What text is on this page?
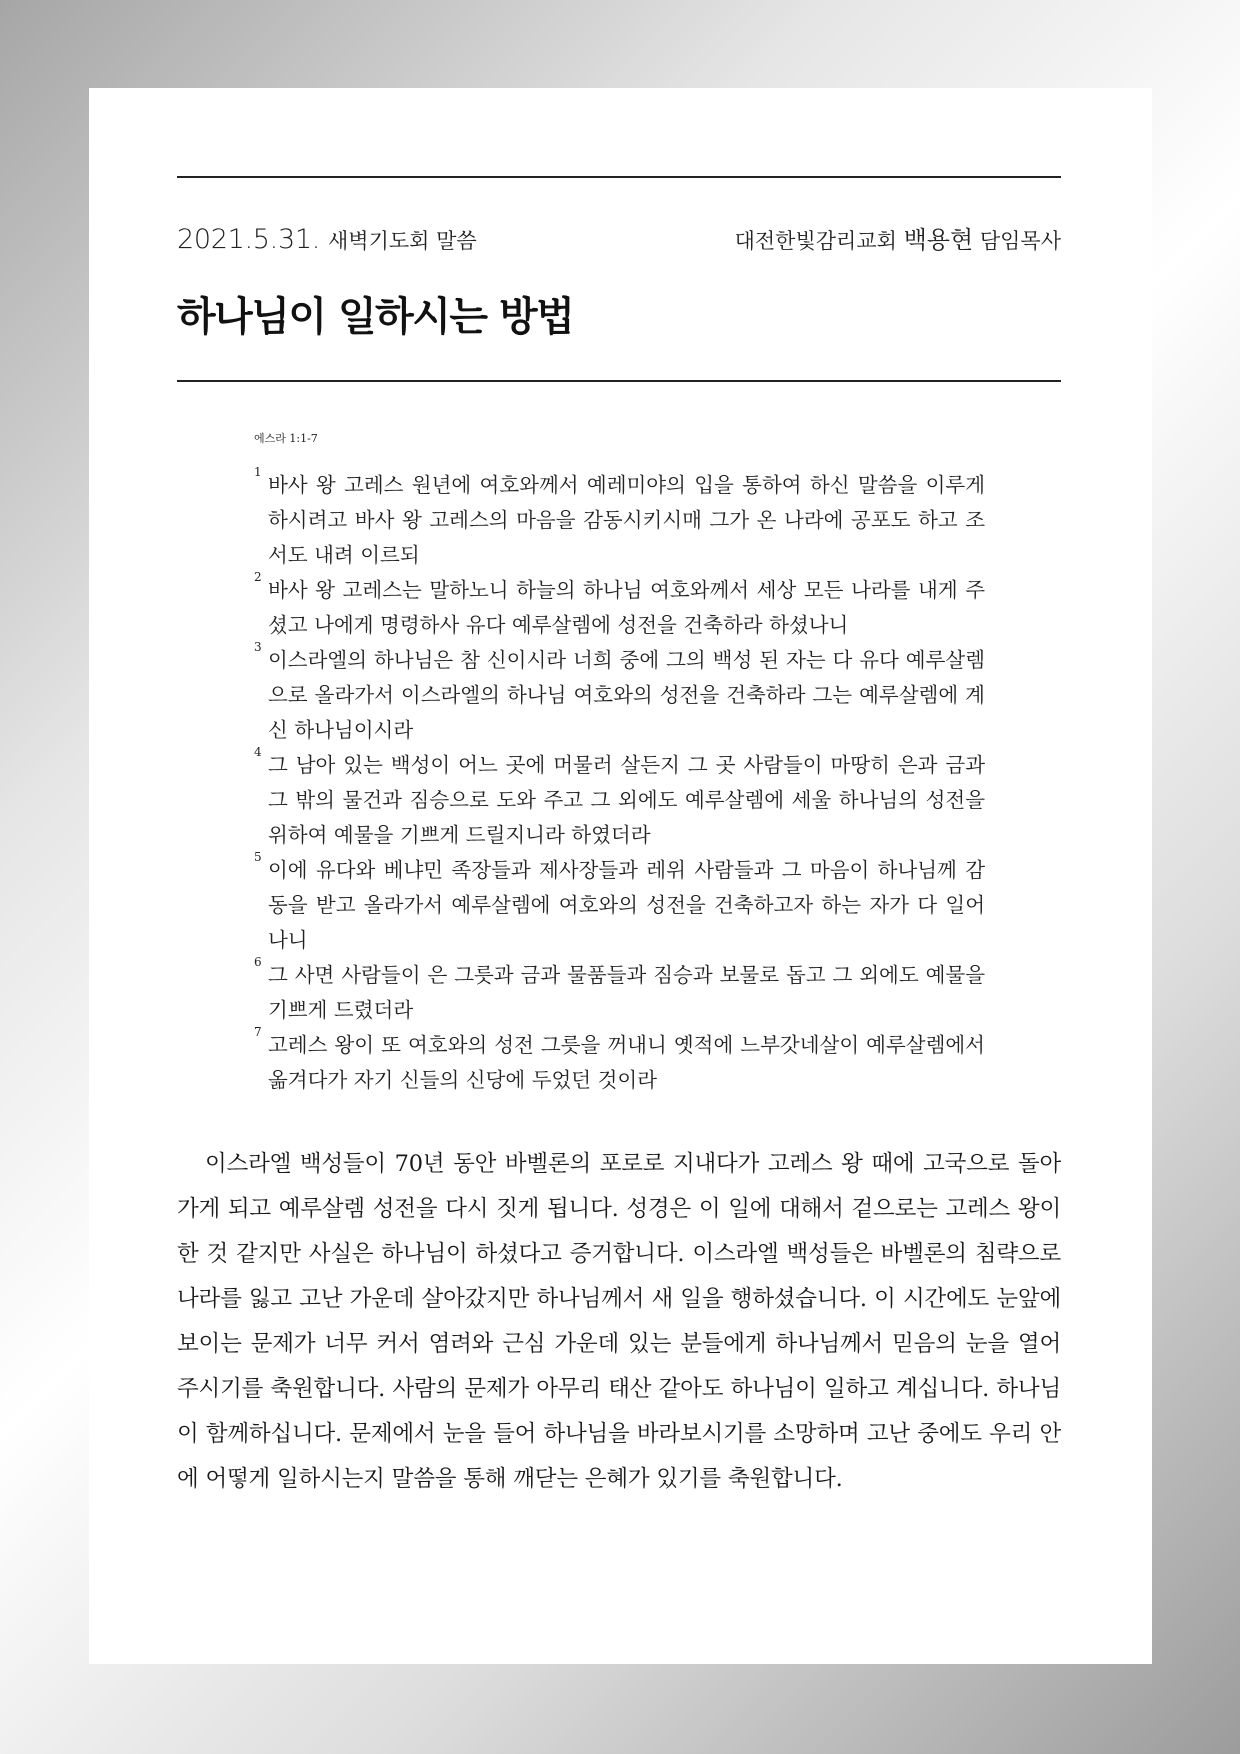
2021.5.31. 새벽기도회 말씀	대전한빛감리교회 백용현 담임목사
하나님이 일하시는 방법
에스라 1:1-7

1
바사 왕 고레스 원년에 여호와께서 예레미야의 입을 통하여 하신 말씀을 이루게 하시려고 바사 왕 고레스의 마음을 감동시키시매 그가 온 나라에 공포도 하고 조서도 내려 이르되

2
바사 왕 고레스는 말하노니 하늘의 하나님 여호와께서 세상 모든 나라를 내게 주셨고 나에게 명령하사 유다 예루살렘에 성전을 건축하라 하셨나니

3
이스라엘의 하나님은 참 신이시라 너희 중에 그의 백성 된 자는 다 유다 예루살렘으로 올라가서 이스라엘의 하나님 여호와의 성전을 건축하라 그는 예루살렘에 계신 하나님이시라

4
그 남아 있는 백성이 어느 곳에 머물러 살든지 그 곳 사람들이 마땅히 은과 금과 그 밖의 물건과 짐승으로 도와 주고 그 외에도 예루살렘에 세울 하나님의 성전을 위하여 예물을 기쁘게 드릴지니라 하였더라

5
이에 유다와 베냐민 족장들과 제사장들과 레위 사람들과 그 마음이 하나님께 감동을 받고 올라가서 예루살렘에 여호와의 성전을 건축하고자 하는 자가 다 일어나니

6
그 사면 사람들이 은 그릇과 금과 물품들과 짐승과 보물로 돕고 그 외에도 예물을 기쁘게 드렸더라

7
고레스 왕이 또 여호와의 성전 그릇을 꺼내니 옛적에 느부갓네살이 예루살렘에서 옮겨다가 자기 신들의 신당에 두었던 것이라

이스라엘 백성들이 70년 동안 바벨론의 포로로 지내다가 고레스 왕 때에 고국으로 돌아가게 되고 예루살렘 성전을 다시 짓게 됩니다. 성경은 이 일에 대해서 겉으로는 고레스 왕이 한 것 같지만 사실은 하나님이 하셨다고 증거합니다. 이스라엘 백성들은 바벨론의 침략으로 나라를 잃고 고난 가운데 살아갔지만 하나님께서 새 일을 행하셨습니다. 이 시간에도 눈앞에 보이는 문제가 너무 커서 염려와 근심 가운데 있는 분들에게 하나님께서 믿음의 눈을 열어 주시기를 축원합니다. 사람의 문제가 아무리 태산 같아도 하나님이 일하고 계십니다. 하나님이 함께하십니다. 문제에서 눈을 들어 하나님을 바라보시기를 소망하며 고난 중에도 우리 안에 어떻게 일하시는지 말씀을 통해 깨닫는 은혜가 있기를 축원합니다.
